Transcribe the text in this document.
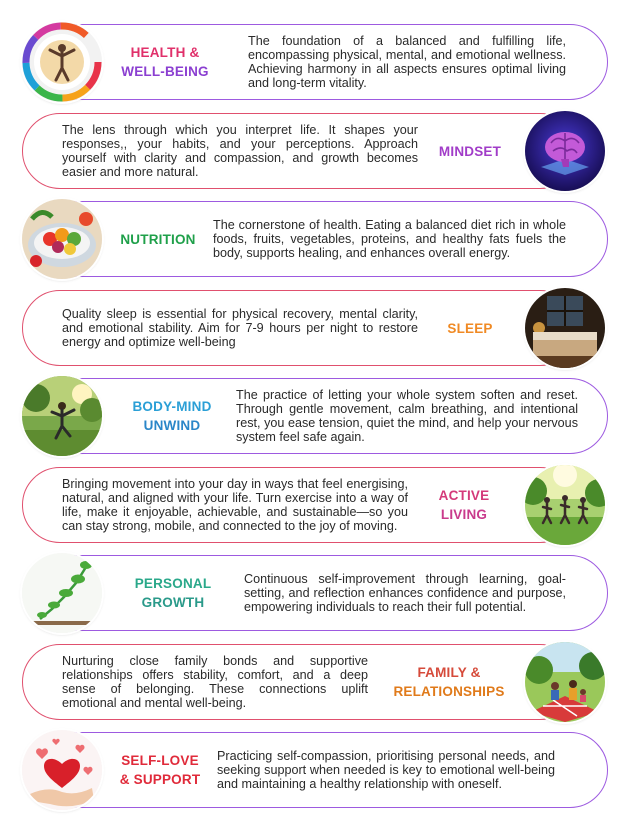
HEALTH &
WELL-BEING
The foundation of a balanced and fulfilling life, encompassing physical, mental, and emotional wellness. Achieving harmony in all aspects ensures optimal living and long-term vitality.
The lens through which you interpret life. It shapes your responses,, your habits, and your perceptions. Approach yourself with clarity and compassion, and growth becomes easier and more natural.
MINDSET
NUTRITION
The cornerstone of health. Eating a balanced diet rich in whole foods, fruits, vegetables, proteins, and healthy fats fuels the body, supports healing, and enhances overall energy.
Quality sleep is essential for physical recovery, mental clarity, and emotional stability. Aim for 7-9 hours per night to restore energy and optimize well-being
SLEEP
BODY-MIND
UNWIND
The practice of letting your whole system soften and reset. Through gentle movement, calm breathing, and intentional rest, you ease tension, quiet the mind, and help your nervous system feel safe again.
Bringing movement into your day in ways that feel energising, natural, and aligned with your life. Turn exercise into a way of life, make it enjoyable, achievable, and sustainable—so you can stay strong, mobile, and connected to the joy of moving.
ACTIVE
LIVING
PERSONAL
GROWTH
Continuous self-improvement through learning, goal-setting, and reflection enhances confidence and purpose, empowering individuals to reach their full potential.
Nurturing close family bonds and supportive relationships offers stability, comfort, and a deep sense of belonging. These connections uplift emotional and mental well-being.
FAMILY &
RELATIONSHIPS
SELF-LOVE
& SUPPORT
Practicing self-compassion, prioritising personal needs, and seeking support when needed is key to emotional well-being and maintaining a healthy relationship with oneself.
